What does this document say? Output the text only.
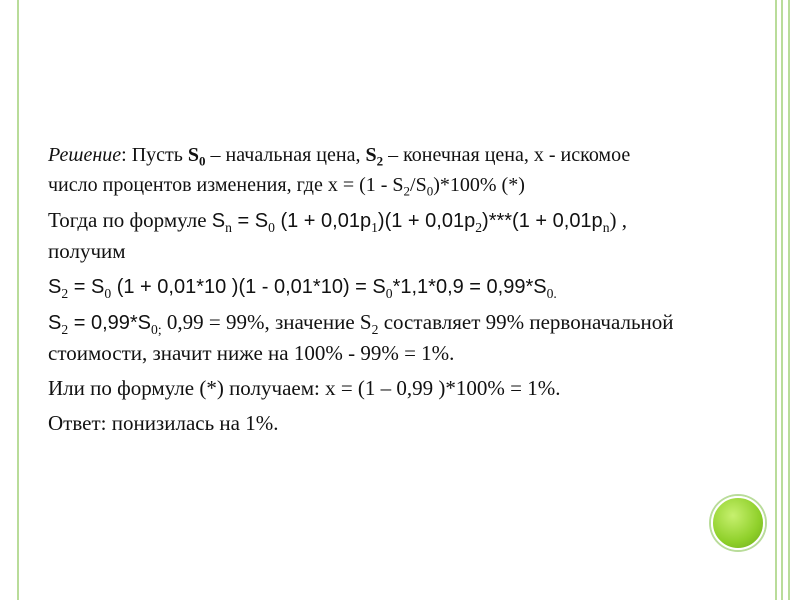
Решение: Пусть $S_0$ – начальная цена, $S_2$ – конечная цена, х - искомое число процентов изменения, где $х = (1 - S_2/S_0)*100\%$ (*)

Тогда по формуле $S_n = S_0$ $(1 + 0,01p_1)(1 + 0,01p_2)***(1 + 0,01p_n)$ , получим

$S_2 = S_0$ (1 + 0,01*10 )$(1 - 0,01*10) = S_0*1,1*0,9 = 0,99*S_{0.}$

$S_2 = 0,99*S_{0;}$ 0,99 = 99%, значение $S_2$ составляет 99% первоначальной стоимости, значит ниже на 100% - 99% = 1%.

Или по формуле (*) получаем: х = (1 – 0,99 )*100% = 1%.

Ответ: понизилась на 1%.
